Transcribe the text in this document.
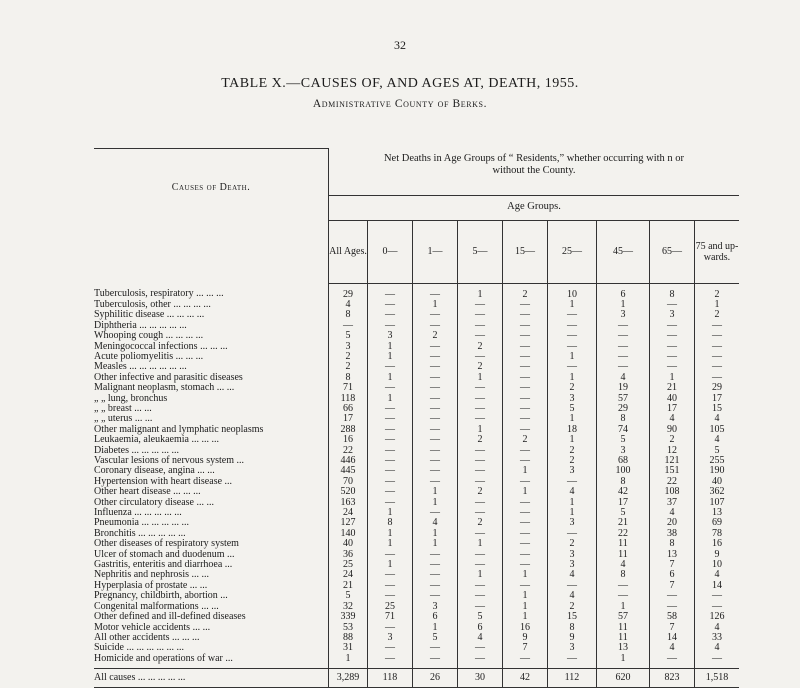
32
TABLE X.—CAUSES OF, AND AGES AT, DEATH, 1955.
Administrative County of Berks.
Causes of Death.	Net Deaths in Age Groups of “ Residents,” whether occurring with n or
without the County.								

	Age Groups.								
	All Ages.	0—	1—	5—	15—	25—	45—	65—	75 and up-wards.
Tuberculosis, respiratory ... ... ...	29	—	—	1	2	10	6	8	2
Tuberculosis, other ... ... ... ...	4	—	1	—	—	1	1	—	1
Syphilitic disease ... ... ... ...	8	—	—	—	—	—	3	3	2
Diphtheria ... ... ... ... ...	—	—	—	—	—	—	—	—	—
Whooping cough ... ... ... ...	5	3	2	—	—	—	—	—	—
Meningococcal infections ... ... ...	3	1	—	2	—	—	—	—	—
Acute poliomyelitis ... ... ...	2	1	—	—	—	1	—	—	—
Measles ... ... ... ... ... ...	2	—	—	2	—	—	—	—	—
Other infective and parasitic diseases	8	1	—	1	—	1	4	1	—
Malignant neoplasm, stomach ... ...	71	—	—	—	—	2	19	21	29
„ „ lung, bronchus	118	1	—	—	—	3	57	40	17
„ „ breast ... ...	66	—	—	—	—	5	29	17	15
„ „ uterus ... ...	17	—	—	—	—	1	8	4	4
Other malignant and lymphatic neoplasms	288	—	—	1	—	18	74	90	105
Leukaemia, aleukaemia ... ... ...	16	—	—	2	2	1	5	2	4
Diabetes ... ... ... ... ...	22	—	—	—	—	2	3	12	5
Vascular lesions of nervous system ...	446	—	—	—	—	2	68	121	255
Coronary disease, angina ... ...	445	—	—	—	1	3	100	151	190
Hypertension with heart disease ...	70	—	—	—	—	—	8	22	40
Other heart disease ... ... ...	520	—	1	2	1	4	42	108	362
Other circulatory disease ... ...	163	—	1	—	—	1	17	37	107
Influenza ... ... ... ... ...	24	1	—	—	—	1	5	4	13
Pneumonia ... ... ... ... ...	127	8	4	2	—	3	21	20	69
Bronchitis ... ... ... ... ...	140	1	1	—	—	—	22	38	78
Other diseases of respiratory system	40	1	1	1	—	2	11	8	16
Ulcer of stomach and duodenum ...	36	—	—	—	—	3	11	13	9
Gastritis, enteritis and diarrhoea ...	25	1	—	—	—	3	4	7	10
Nephritis and nephrosis ... ...	24	—	—	1	1	4	8	6	4
Hyperplasia of prostate ... ...	21	—	—	—	—	—	—	7	14
Pregnancy, childbirth, abortion ...	5	—	—	—	1	4	—	—	—
Congenital malformations ... ...	32	25	3	—	1	2	1	—	—
Other defined and ill-defined diseases	339	71	6	5	1	15	57	58	126
Motor vehicle accidents ... ...	53	—	1	6	16	8	11	7	4
All other accidents ... ... ...	88	3	5	4	9	9	11	14	33
Suicide ... ... ... ... ... ...	31	—	—	—	7	3	13	4	4
Homicide and operations of war ...	1	—	—	—	—	—	1	—	—
All causes ... ... ... ... ...	3,289	118	26	30	42	112	620	823	1,518
